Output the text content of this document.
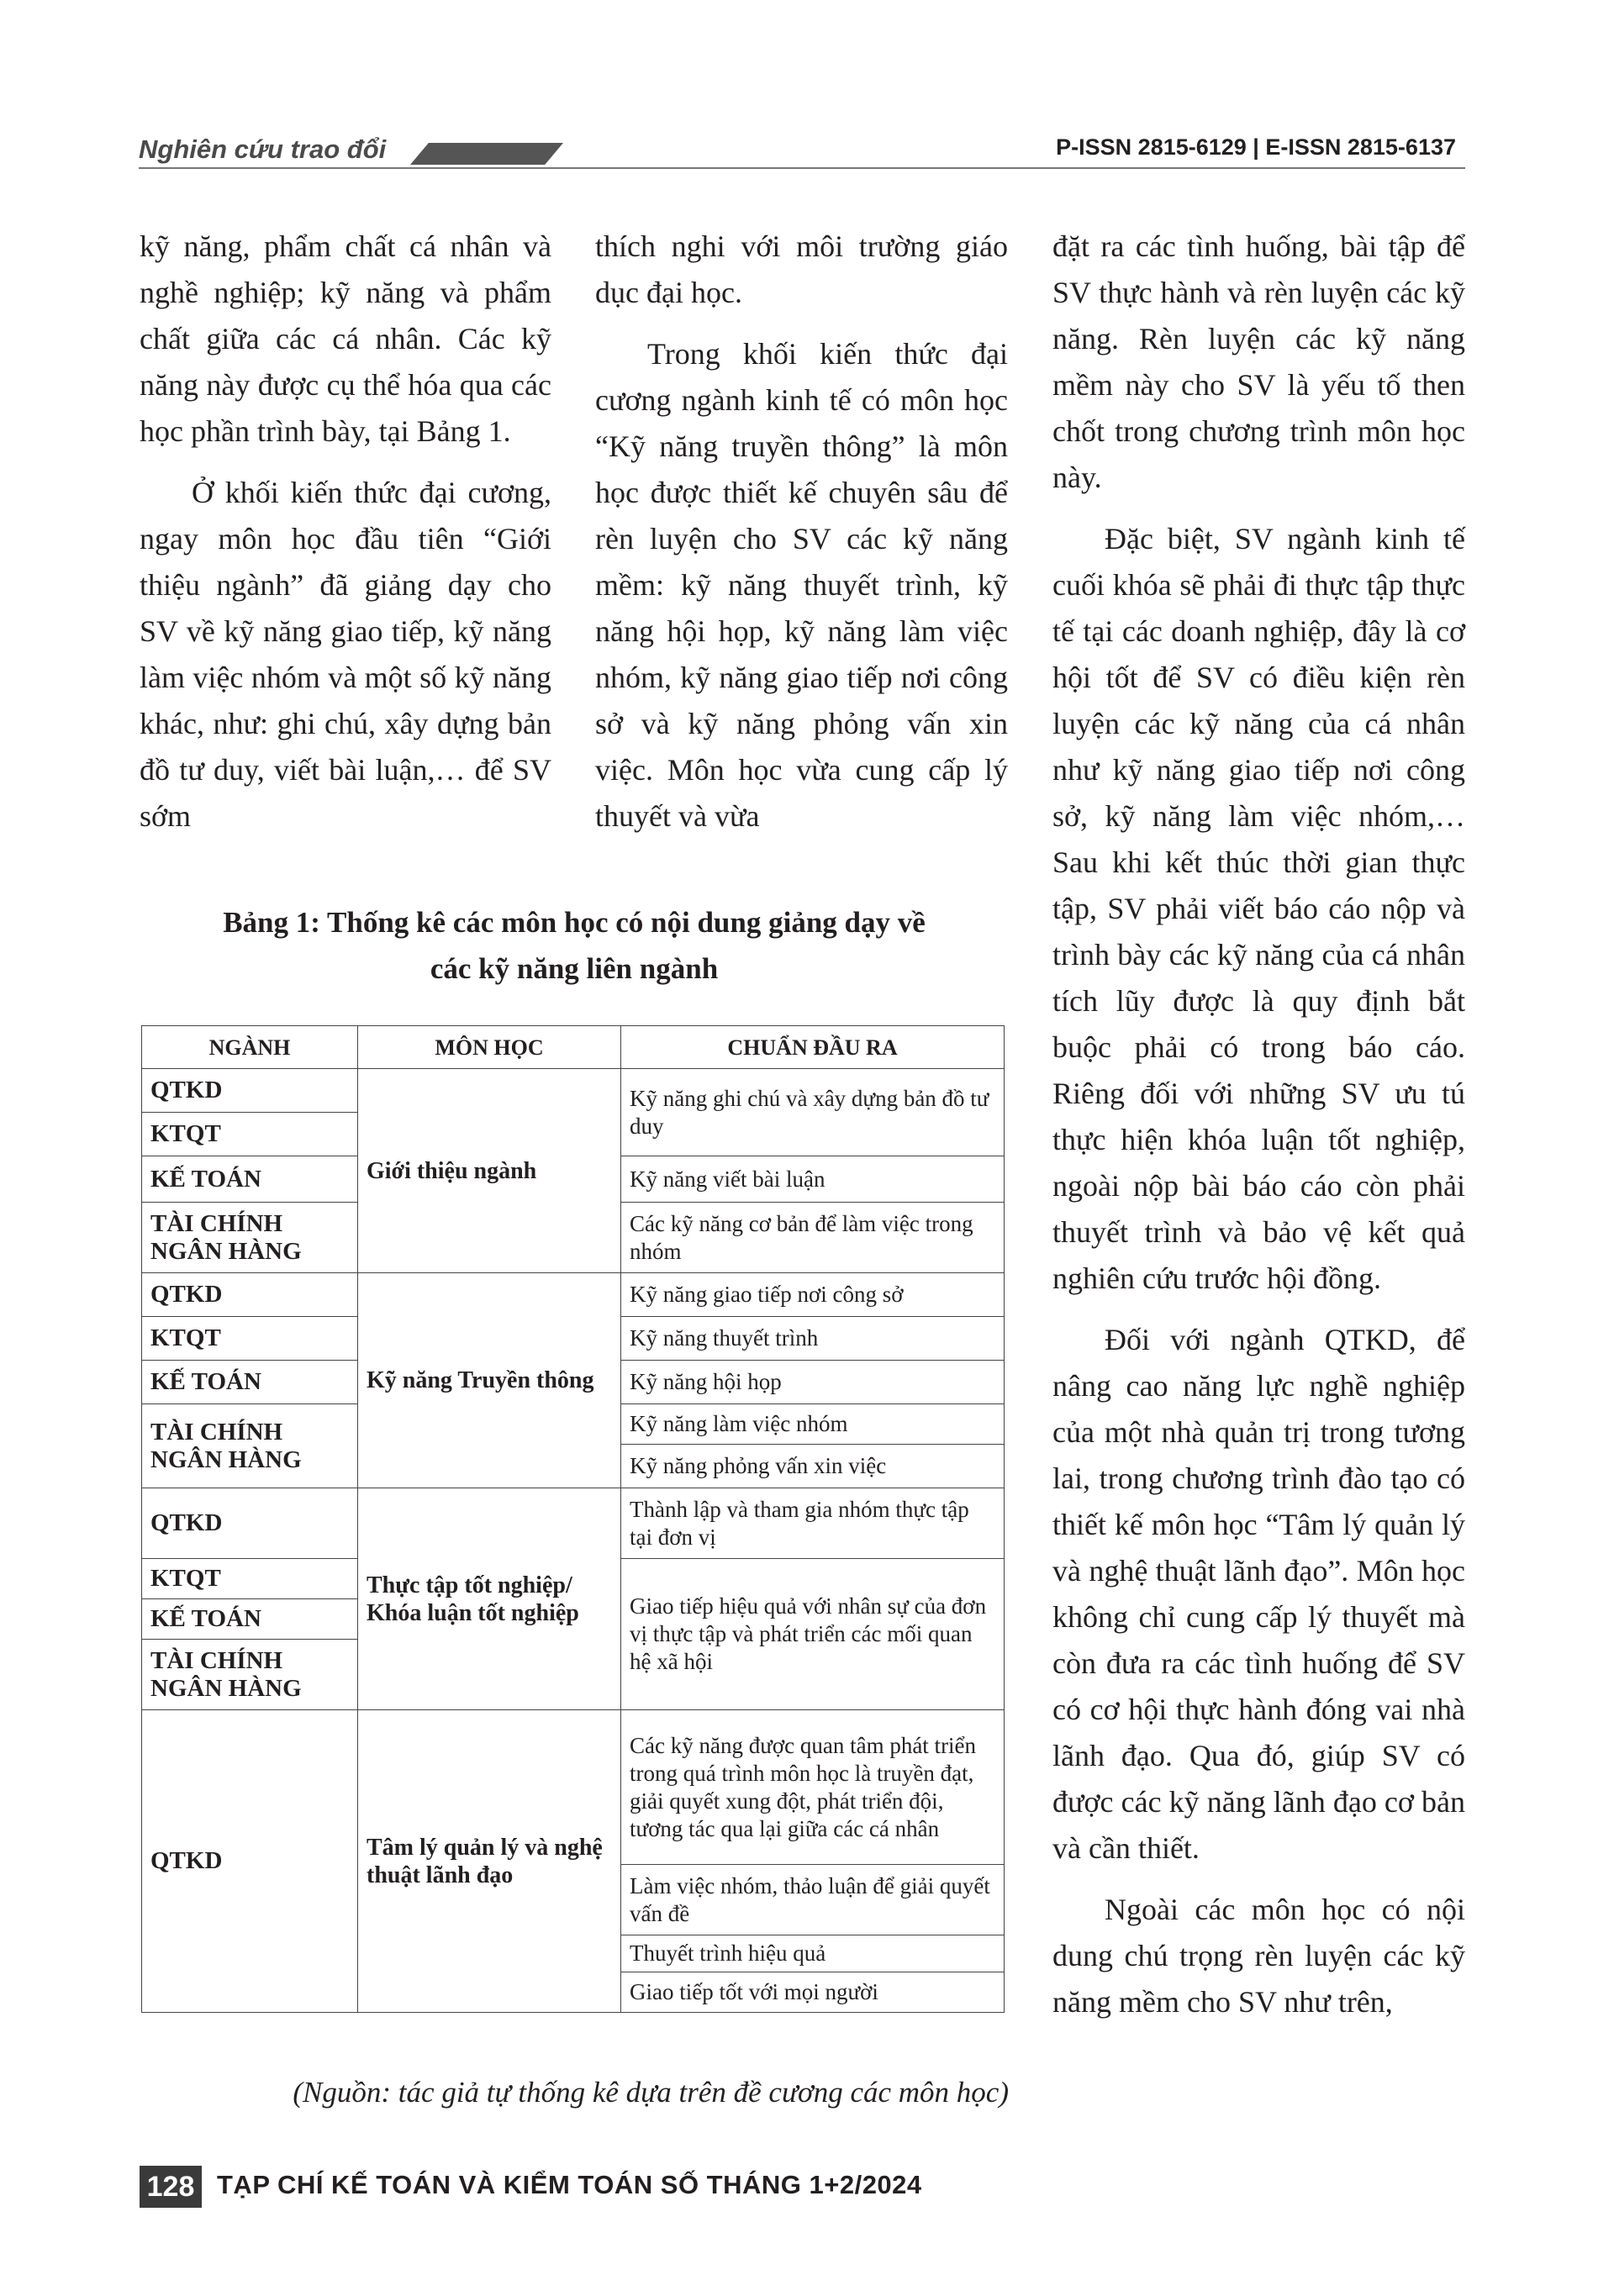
Nghiên cứu trao đổi	P-ISSN 2815-6129 | E-ISSN 2815-6137

kỹ năng, phẩm chất cá nhân và nghề nghiệp; kỹ năng và phẩm chất giữa các cá nhân. Các kỹ năng này được cụ thể hóa qua các học phần trình bày, tại Bảng 1.

Ở khối kiến thức đại cương, ngay môn học đầu tiên “Giới thiệu ngành” đã giảng dạy cho SV về kỹ năng giao tiếp, kỹ năng làm việc nhóm và một số kỹ năng khác, như: ghi chú, xây dựng bản đồ tư duy, viết bài luận,… để SV sớm

thích nghi với môi trường giáo dục đại học.

Trong khối kiến thức đại cương ngành kinh tế có môn học “Kỹ năng truyền thông” là môn học được thiết kế chuyên sâu để rèn luyện cho SV các kỹ năng mềm: kỹ năng thuyết trình, kỹ năng hội họp, kỹ năng làm việc nhóm, kỹ năng giao tiếp nơi công sở và kỹ năng phỏng vấn xin việc. Môn học vừa cung cấp lý thuyết và vừa

đặt ra các tình huống, bài tập để SV thực hành và rèn luyện các kỹ năng. Rèn luyện các kỹ năng mềm này cho SV là yếu tố then chốt trong chương trình môn học này.

Đặc biệt, SV ngành kinh tế cuối khóa sẽ phải đi thực tập thực tế tại các doanh nghiệp, đây là cơ hội tốt để SV có điều kiện rèn luyện các kỹ năng của cá nhân như kỹ năng giao tiếp nơi công sở, kỹ năng làm việc nhóm,… Sau khi kết thúc thời gian thực tập, SV phải viết báo cáo nộp và trình bày các kỹ năng của cá nhân tích lũy được là quy định bắt buộc phải có trong báo cáo. Riêng đối với những SV ưu tú thực hiện khóa luận tốt nghiệp, ngoài nộp bài báo cáo còn phải thuyết trình và bảo vệ kết quả nghiên cứu trước hội đồng.

Đối với ngành QTKD, để nâng cao năng lực nghề nghiệp của một nhà quản trị trong tương lai, trong chương trình đào tạo có thiết kế môn học “Tâm lý quản lý và nghệ thuật lãnh đạo”. Môn học không chỉ cung cấp lý thuyết mà còn đưa ra các tình huống để SV có cơ hội thực hành đóng vai nhà lãnh đạo. Qua đó, giúp SV có được các kỹ năng lãnh đạo cơ bản và cần thiết.

Ngoài các môn học có nội dung chú trọng rèn luyện các kỹ năng mềm cho SV như trên,

Bảng 1: Thống kê các môn học có nội dung giảng dạy về
các kỹ năng liên ngành
NGÀNH	MÔN HỌC	CHUẨN ĐẦU RA
QTKD	Giới thiệu ngành	Kỹ năng ghi chú và xây dựng bản đồ tư duy
KTQT		
KẾ TOÁN		Kỹ năng viết bài luận
TÀI CHÍNH NGÂN HÀNG		Các kỹ năng cơ bản để làm việc trong nhóm
QTKD	Kỹ năng Truyền thông	Kỹ năng giao tiếp nơi công sở
KTQT		Kỹ năng thuyết trình
KẾ TOÁN		Kỹ năng hội họp
TÀI CHÍNH NGÂN HÀNG		Kỹ năng làm việc nhóm
		Kỹ năng phỏng vấn xin việc

QTKD	Thực tập tốt nghiệp/ Khóa luận tốt nghiệp	Thành lập và tham gia nhóm thực tập tại đơn vị
KTQT		Giao tiếp hiệu quả với nhân sự của đơn vị thực tập và phát triển các mối quan hệ xã hội
KẾ TOÁN		
TÀI CHÍNH NGÂN HÀNG		
QTKD	Tâm lý quản lý và nghệ thuật lãnh đạo	Các kỹ năng được quan tâm phát triển trong quá trình môn học là truyền đạt, giải quyết xung đột, phát triển đội, tương tác qua lại giữa các cá nhân
		Làm việc nhóm, thảo luận để giải quyết vấn đề
		Thuyết trình hiệu quả
		Giao tiếp tốt với mọi người
(Nguồn: tác giả tự thống kê dựa trên đề cương các môn học)
128 TẠP CHÍ KẾ TOÁN VÀ KIỂM TOÁN SỐ THÁNG 1+2/2024
